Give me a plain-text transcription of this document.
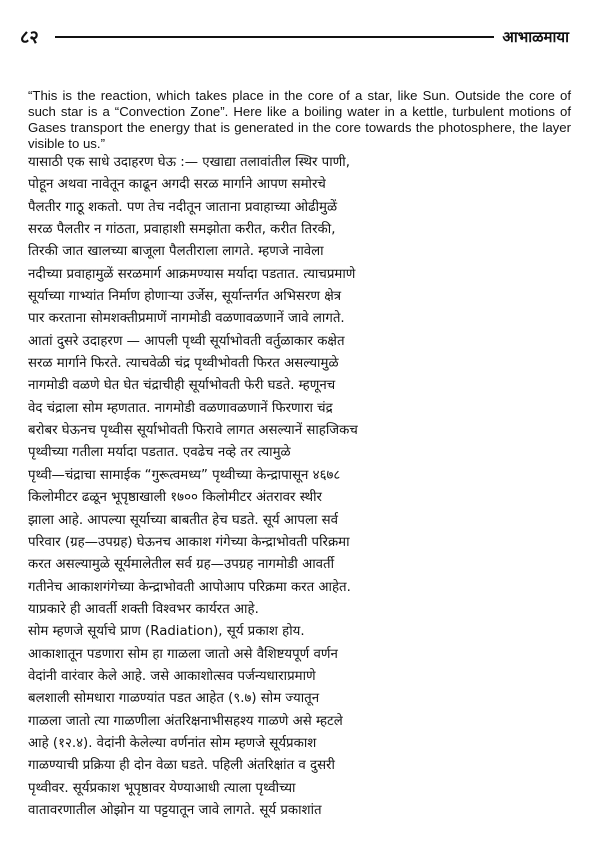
८२	आभाळमाया

“This is the reaction, which takes place in the core of a star, like Sun. Outside the core of such star is a “Convection Zone”. Here like a boiling water in a kettle, turbulent motions of Gases transport the energy that is generated in the core towards the photosphere, the layer visible to us.”

यासाठी एक साधे उदाहरण घेऊ :— एखाद्या तलावांतील स्थिर पाणी,
पोहून अथवा नावेतून काढून अगदी सरळ मार्गाने आपण समोरचे
पैलतीर गाठू शकतो. पण तेच नदीतून जाताना प्रवाहाच्या ओढीमुळें
सरळ पैलतीर न गांठता, प्रवाहाशी समझोता करीत, करीत तिरकी,
तिरकी जात खालच्या बाजूला पैलतीराला लागते. म्हणजे नावेला
नदीच्या प्रवाहामुळें सरळमार्ग आक्रमण्यास मर्यादा पडतात. त्याचप्रमाणे
सूर्याच्या गाभ्यांत निर्माण होणाऱ्या उर्जेस, सूर्यान्तर्गत अभिसरण क्षेत्र
पार करताना सोमशक्तीप्रमाणें नागमोडी वळणावळणानें जावे लागते.

आतां दुसरे उदाहरण — आपली पृथ्वी सूर्याभोवती वर्तुळाकार कक्षेत
सरळ मार्गाने फिरते. त्याचवेळी चंद्र पृथ्वीभोवती फिरत असल्यामुळे
नागमोडी वळणे घेत घेत चंद्राचीही सूर्याभोवती फेरी घडते. म्हणूनच
वेद चंद्राला सोम म्हणतात. नागमोडी वळणावळणानें फिरणारा चंद्र
बरोबर घेऊनच पृथ्वीस सूर्याभोवती फिरावे लागत असल्यानें साहजिकच
पृथ्वीच्या गतीला मर्यादा पडतात. एवढेच नव्हे तर त्यामुळे
पृथ्वी—चंद्राचा सामाईक “गुरूत्वमध्य” पृथ्वीच्या केन्द्रापासून ४६७८
किलोमीटर ढळून भूपृष्ठाखाली १७०० किलोमीटर अंतरावर स्थीर
झाला आहे. आपल्या सूर्याच्या बाबतीत हेच घडते. सूर्य आपला सर्व
परिवार (ग्रह—उपग्रह) घेऊनच आकाश गंगेच्या केन्द्राभोवती परिक्रमा
करत असल्यामुळे सूर्यमालेतील सर्व ग्रह—उपग्रह नागमोडी आवर्ती
गतीनेच आकाशगंगेच्या केन्द्राभोवती आपोआप परिक्रमा करत आहेत.
याप्रकारे ही आवर्ती शक्ती विश्वभर कार्यरत आहे.

सोम म्हणजे सूर्याचे प्राण (Radiation), सूर्य प्रकाश होय.
आकाशातून पडणारा सोम हा गाळला जातो असे वैशिष्टयपूर्ण वर्णन
वेदांनी वारंवार केले आहे. जसे आकाशोत्सव पर्जन्यधाराप्रमाणे
बलशाली सोमधारा गाळण्यांत पडत आहेत (९.७) सोम ज्यातून
गाळला जातो त्या गाळणीला अंतरिक्षनाभीसहश्य गाळणे असे म्हटले
आहे (१२.४). वेदांनी केलेल्या वर्णनांत सोम म्हणजे सूर्यप्रकाश
गाळण्याची प्रक्रिया ही दोन वेळा घडते. पहिली अंतरिक्षांत व दुसरी
पृथ्वीवर. सूर्यप्रकाश भूपृष्ठावर येण्याआधी त्याला पृथ्वीच्या
वातावरणातील ओझोन या पट्टयातून जावे लागते. सूर्य प्रकाशांत
